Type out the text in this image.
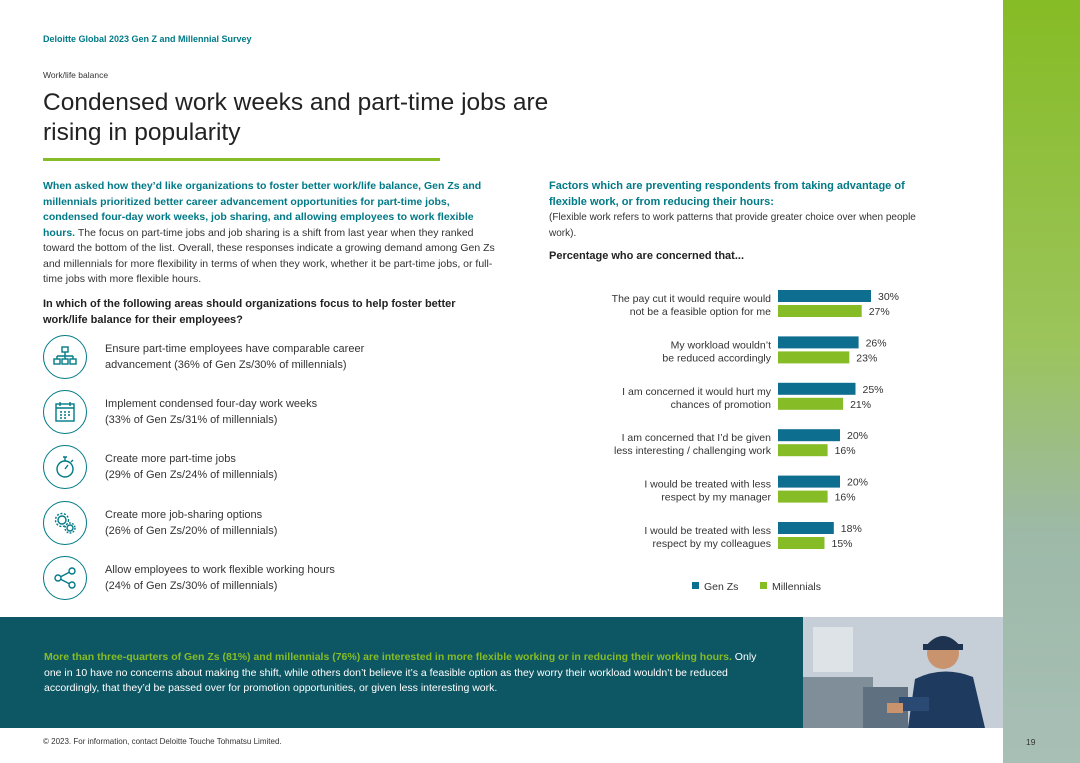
Deloitte Global 2023 Gen Z and Millennial Survey
Work/life balance
Condensed work weeks and part-time jobs are rising in popularity

When asked how they’d like organizations to foster better work/life balance, Gen Zs and millennials prioritized better career advancement opportunities for part-time jobs, condensed four-day work weeks, job sharing, and allowing employees to work flexible hours. The focus on part-time jobs and job sharing is a shift from last year when they ranked toward the bottom of the list. Overall, these responses indicate a growing demand among Gen Zs and millennials for more flexibility in terms of when they work, whether it be part-time jobs, or full-time jobs with more flexible hours.

In which of the following areas should organizations focus to help foster better work/life balance for their employees?
Ensure part-time employees have comparable career
advancement (36% of Gen Zs/30% of millennials)
Implement condensed four-day work weeks
(33% of Gen Zs/31% of millennials)
Create more part-time jobs
(29% of Gen Zs/24% of millennials)
Create more job-sharing options
(26% of Gen Zs/20% of millennials)
Allow employees to work flexible working hours
(24% of Gen Zs/30% of millennials)
Factors which are preventing respondents from taking advantage of flexible work, or from reducing their hours:
(Flexible work refers to work patterns that provide greater choice over when people work).
Percentage who are concerned that...
The pay cut it would require would
not be a feasible option for me
30%
27%
My workload wouldn’t
be reduced accordingly
26%
23%
I am concerned it would hurt my
chances of promotion
25%
21%
I am concerned that I’d be given
less interesting / challenging work
20%
16%
I would be treated with less
respect by my manager
20%
16%
I would be treated with less
respect by my colleagues
18%
15%
Gen Zs	Millennials

More than three-quarters of Gen Zs (81%) and millennials (76%) are interested in more flexible working or in reducing their working hours. Only one in 10 have no concerns about making the shift, while others don’t believe it’s a feasible option as they worry their workload wouldn’t be reduced accordingly, that they’d be passed over for promotion opportunities, or given less interesting work.

© 2023. For information, contact Deloitte Touche Tohmatsu Limited.	19
